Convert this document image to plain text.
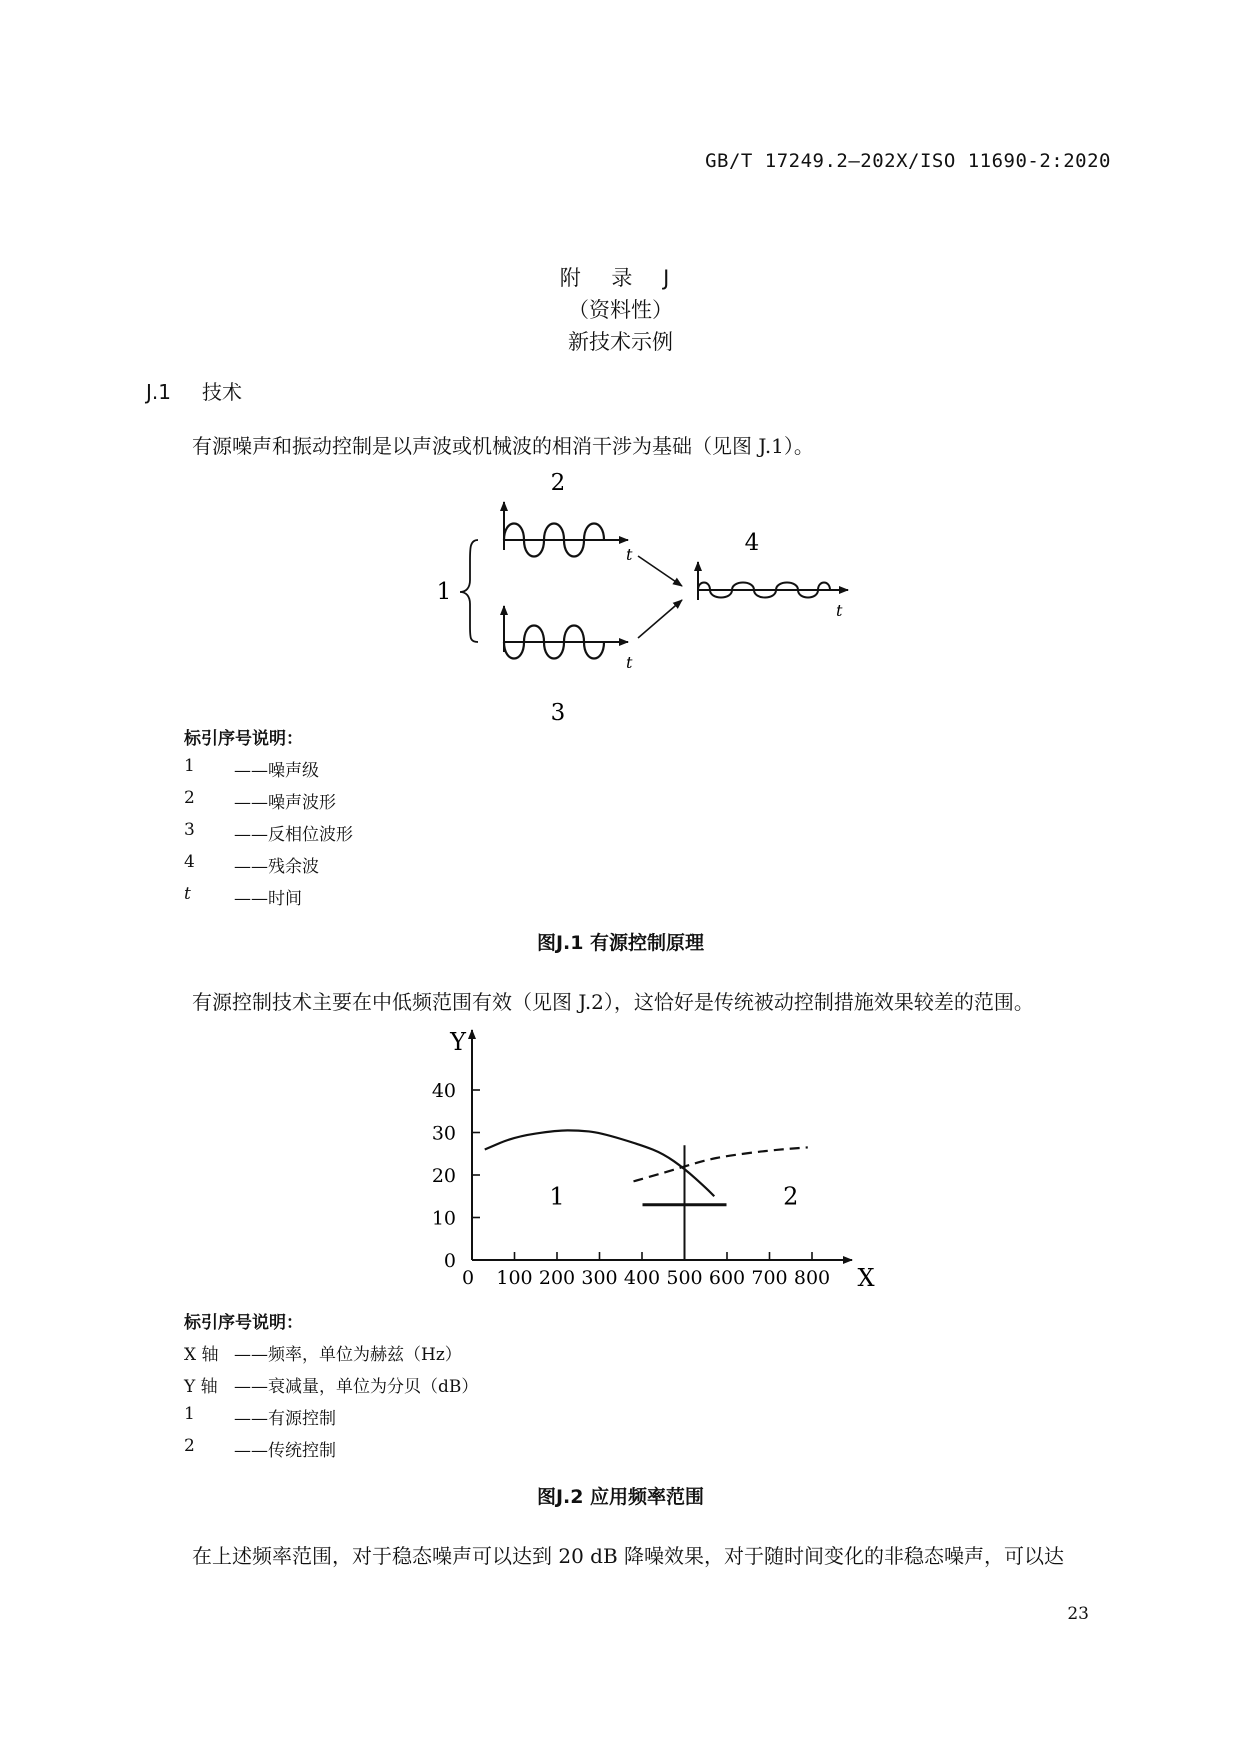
GB/T 17249.2—202X/ISO 11690-2:2020
附 录 J
（资料性）
新技术示例
J.1 技术
有源噪声和振动控制是以声波或机械波的相消干涉为基础（见图 J.1）。
2
t
1
t
3
4
t
标引序号说明：
1	——噪声级
2	——噪声波形
3	——反相位波形
4	——残余波
t	——时间
图J.1 有源控制原理
有源控制技术主要在中低频范围有效（见图 J.2），这恰好是传统被动控制措施效果较差的范围。
X
Y
0 100 200 300 400 500 600 700 800
0
10
20
30
40
1	2
标引序号说明：
X 轴 ——频率，单位为赫兹（Hz）
Y 轴 ——衰减量，单位为分贝（dB）
1	——有源控制
2	——传统控制
图J.2 应用频率范围
在上述频率范围，对于稳态噪声可以达到 20 dB 降噪效果，对于随时间变化的非稳态噪声，可以达
23
